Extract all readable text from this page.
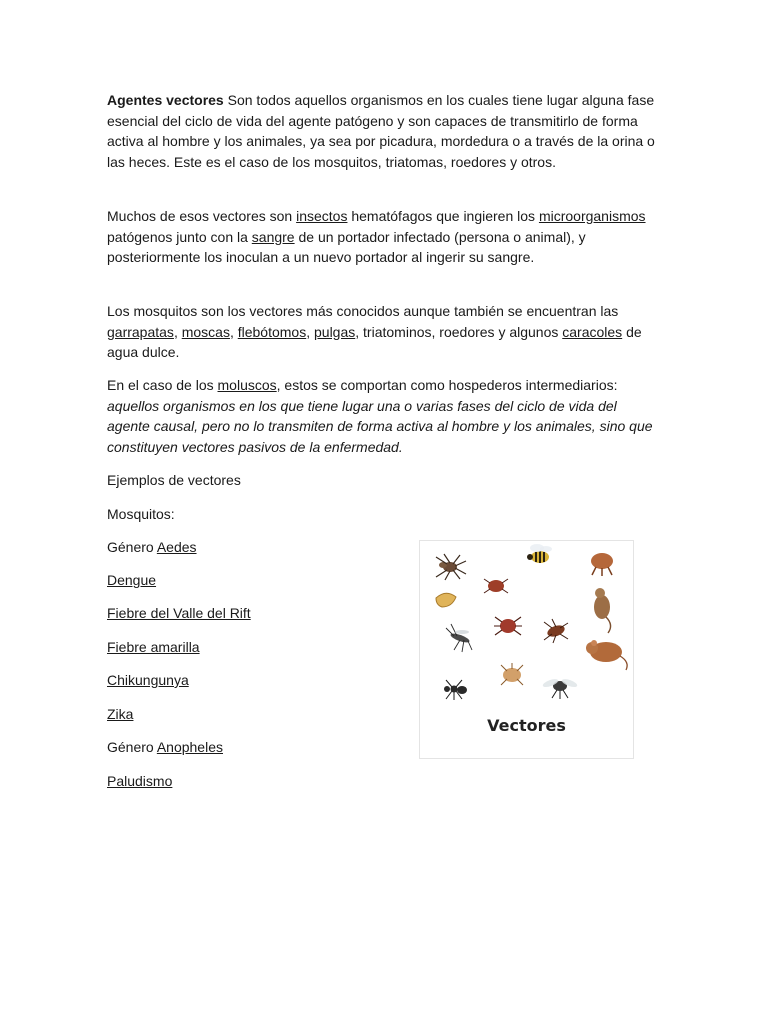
Agentes vectores Son todos aquellos organismos en los cuales tiene lugar alguna fase esencial del ciclo de vida del agente patógeno y son capaces de transmitirlo de forma activa al hombre y los animales, ya sea por picadura, mordedura o a través de la orina o las heces. Este es el caso de los mosquitos, triatomas, roedores y otros.

Muchos de esos vectores son insectos hematófagos que ingieren los microorganismos patógenos junto con la sangre de un portador infectado (persona o animal), y posteriormente los inoculan a un nuevo portador al ingerir su sangre.

Los mosquitos son los vectores más conocidos aunque también se encuentran las garrapatas, moscas, flebótomos, pulgas, triatominos, roedores y algunos caracoles de agua dulce.

En el caso de los moluscos, estos se comportan como hospederos intermediarios: aquellos organismos en los que tiene lugar una o varias fases del ciclo de vida del agente causal, pero no lo transmiten de forma activa al hombre y los animales, sino que constituyen vectores pasivos de la enfermedad.

Ejemplos de vectores

Mosquitos:

Género Aedes

Dengue

Fiebre del Valle del Rift

Fiebre amarilla

Chikungunya

Zika

Género Anopheles

Paludismo

Vectores
